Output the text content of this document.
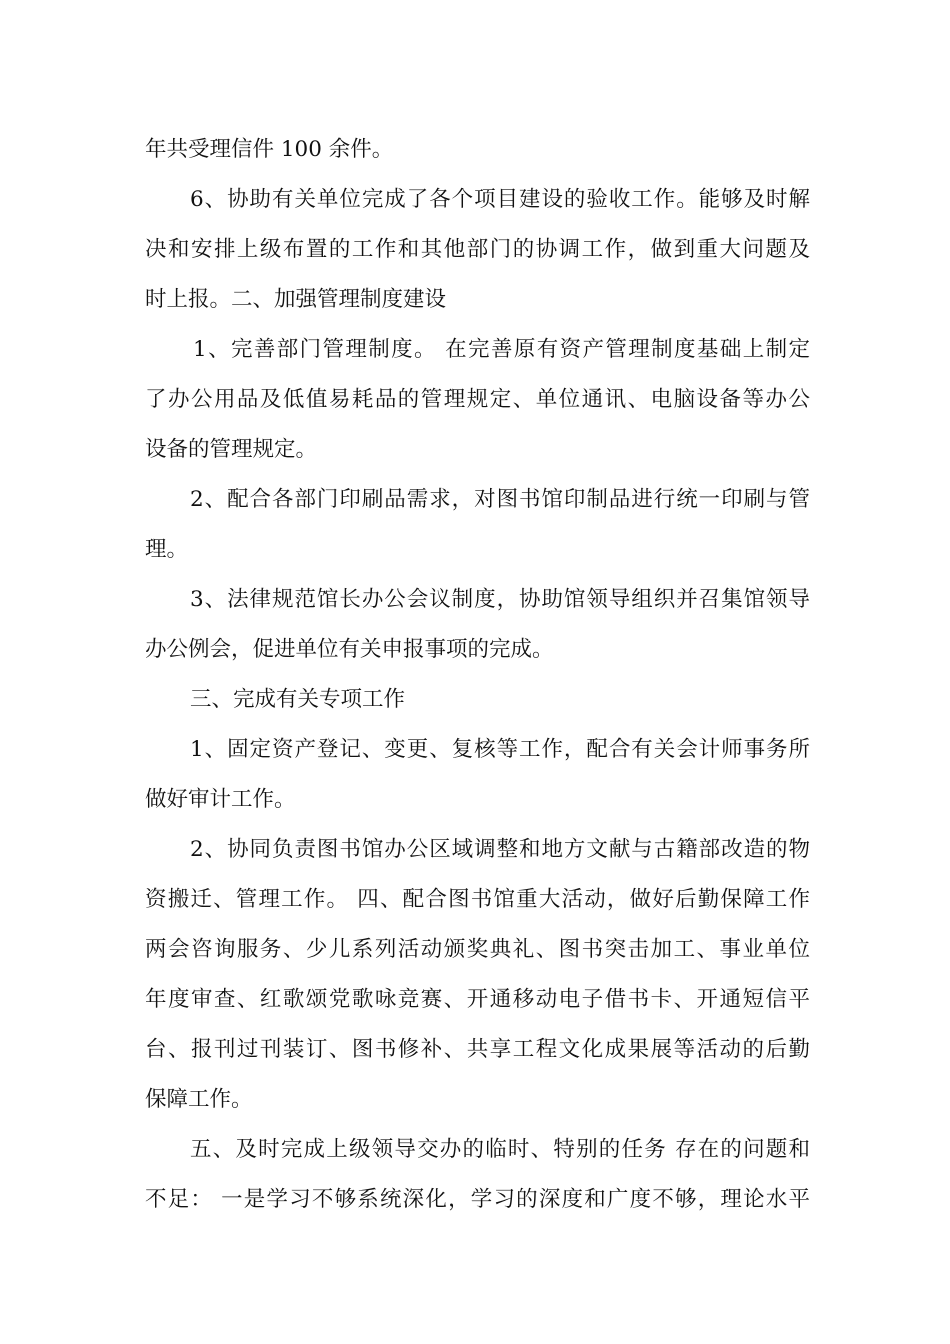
年共受理信件 100 余件。
6、协助有关单位完成了各个项目建设的验收工作。能够及时解
决和安排上级布置的工作和其他部门的协调工作，做到重大问题及
时上报。二、加强管理制度建设
1、完善部门管理制度。 在完善原有资产管理制度基础上制定
了办公用品及低值易耗品的管理规定、单位通讯、电脑设备等办公
设备的管理规定。
2、配合各部门印刷品需求，对图书馆印制品进行统一印刷与管
理。
3、法律规范馆长办公会议制度，协助馆领导组织并召集馆领导
办公例会，促进单位有关申报事项的完成。
三、完成有关专项工作
1、固定资产登记、变更、复核等工作，配合有关会计师事务所
做好审计工作。
2、协同负责图书馆办公区域调整和地方文献与古籍部改造的物
资搬迁、管理工作。 四、配合图书馆重大活动，做好后勤保障工作
两会咨询服务、少儿系列活动颁奖典礼、图书突击加工、事业单位
年度审查、红歌颂党歌咏竞赛、开通移动电子借书卡、开通短信平
台、报刊过刊装订、图书修补、共享工程文化成果展等活动的后勤
保障工作。
五、及时完成上级领导交办的临时、特别的任务 存在的问题和
不足： 一是学习不够系统深化，学习的深度和广度不够，理论水平
